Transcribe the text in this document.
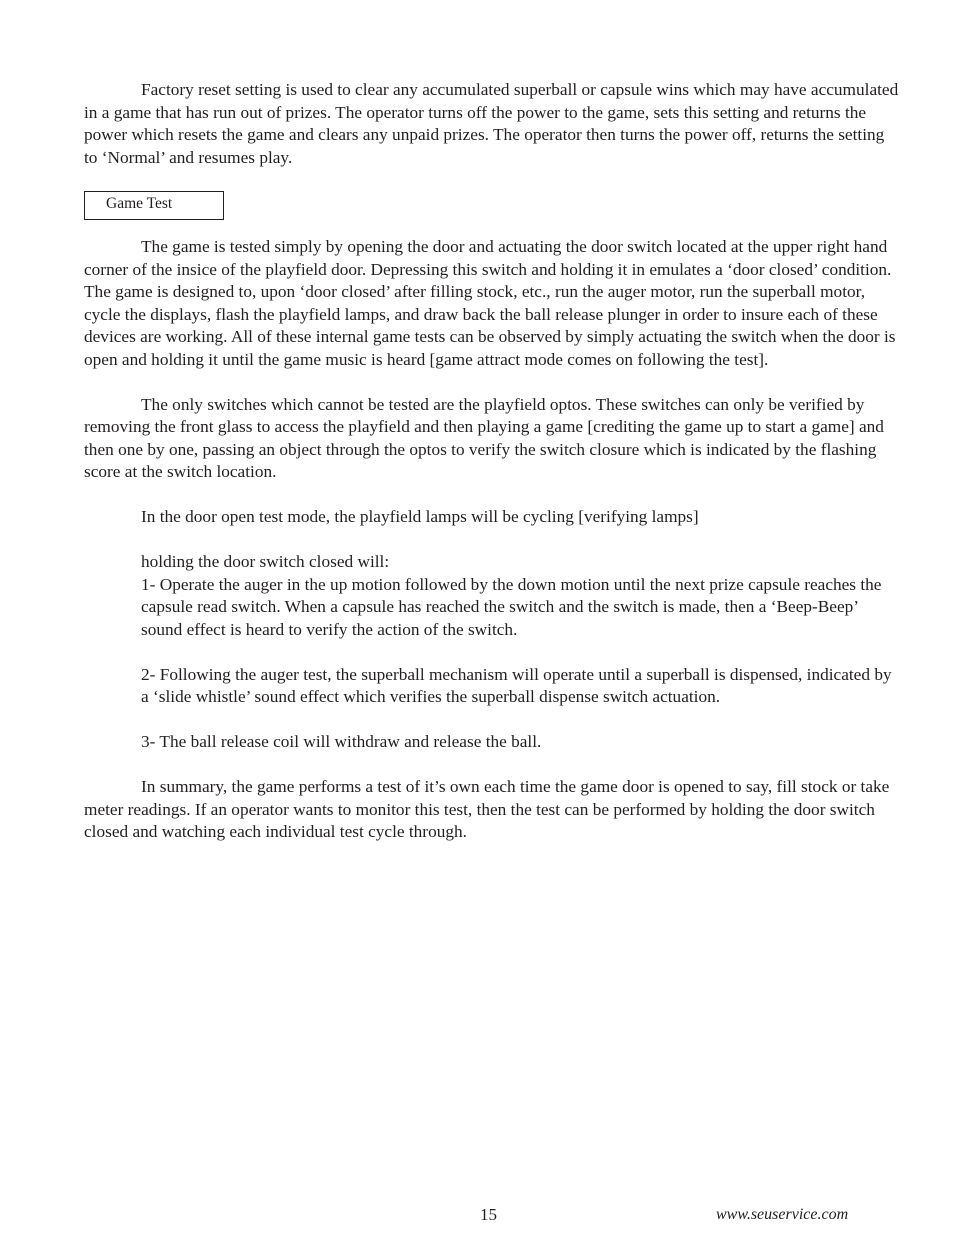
Factory reset setting is used to clear any accumulated superball or capsule wins which may have accumulated in a game that has run out of prizes. The operator turns off the power to the game, sets this setting and returns the power which resets the game and clears any unpaid prizes. The operator then turns the power off, returns the setting to ‘Normal’ and resumes play.

Game Test

The game is tested simply by opening the door and actuating the door switch located at the upper right hand corner of the insice of the playfield door. Depressing this switch and holding it in emulates a ‘door closed’ condition. The game is designed to, upon ‘door closed’ after filling stock, etc., run the auger motor, run the superball motor, cycle the displays, flash the playfield lamps, and draw back the ball release plunger in order to insure each of these devices are working. All of these internal game tests can be observed by simply actuating the switch when the door is open and holding it until the game music is heard [game attract mode comes on following the test].

The only switches which cannot be tested are the playfield optos. These switches can only be verified by removing the front glass to access the playfield and then playing a game [crediting the game up to start a game] and then one by one, passing an object through the optos to verify the switch closure which is indicated by the flashing score at the switch location.

In the door open test mode, the playfield lamps will be cycling [verifying lamps]

holding the door switch closed will:

1- Operate the auger in the up motion followed by the down motion until the next prize capsule reaches the capsule read switch. When a capsule has reached the switch and the switch is made, then a ‘Beep-Beep’ sound effect is heard to verify the action of the switch.

2- Following the auger test, the superball mechanism will operate until a superball is dispensed, indicated by a ‘slide whistle’ sound effect which verifies the superball dispense switch actuation.

3- The ball release coil will withdraw and release the ball.

In summary, the game performs a test of it’s own each time the game door is opened to say, fill stock or take meter readings. If an operator wants to monitor this test, then the test can be performed by holding the door switch closed and watching each individual test cycle through.

15	www.seuservice.com
